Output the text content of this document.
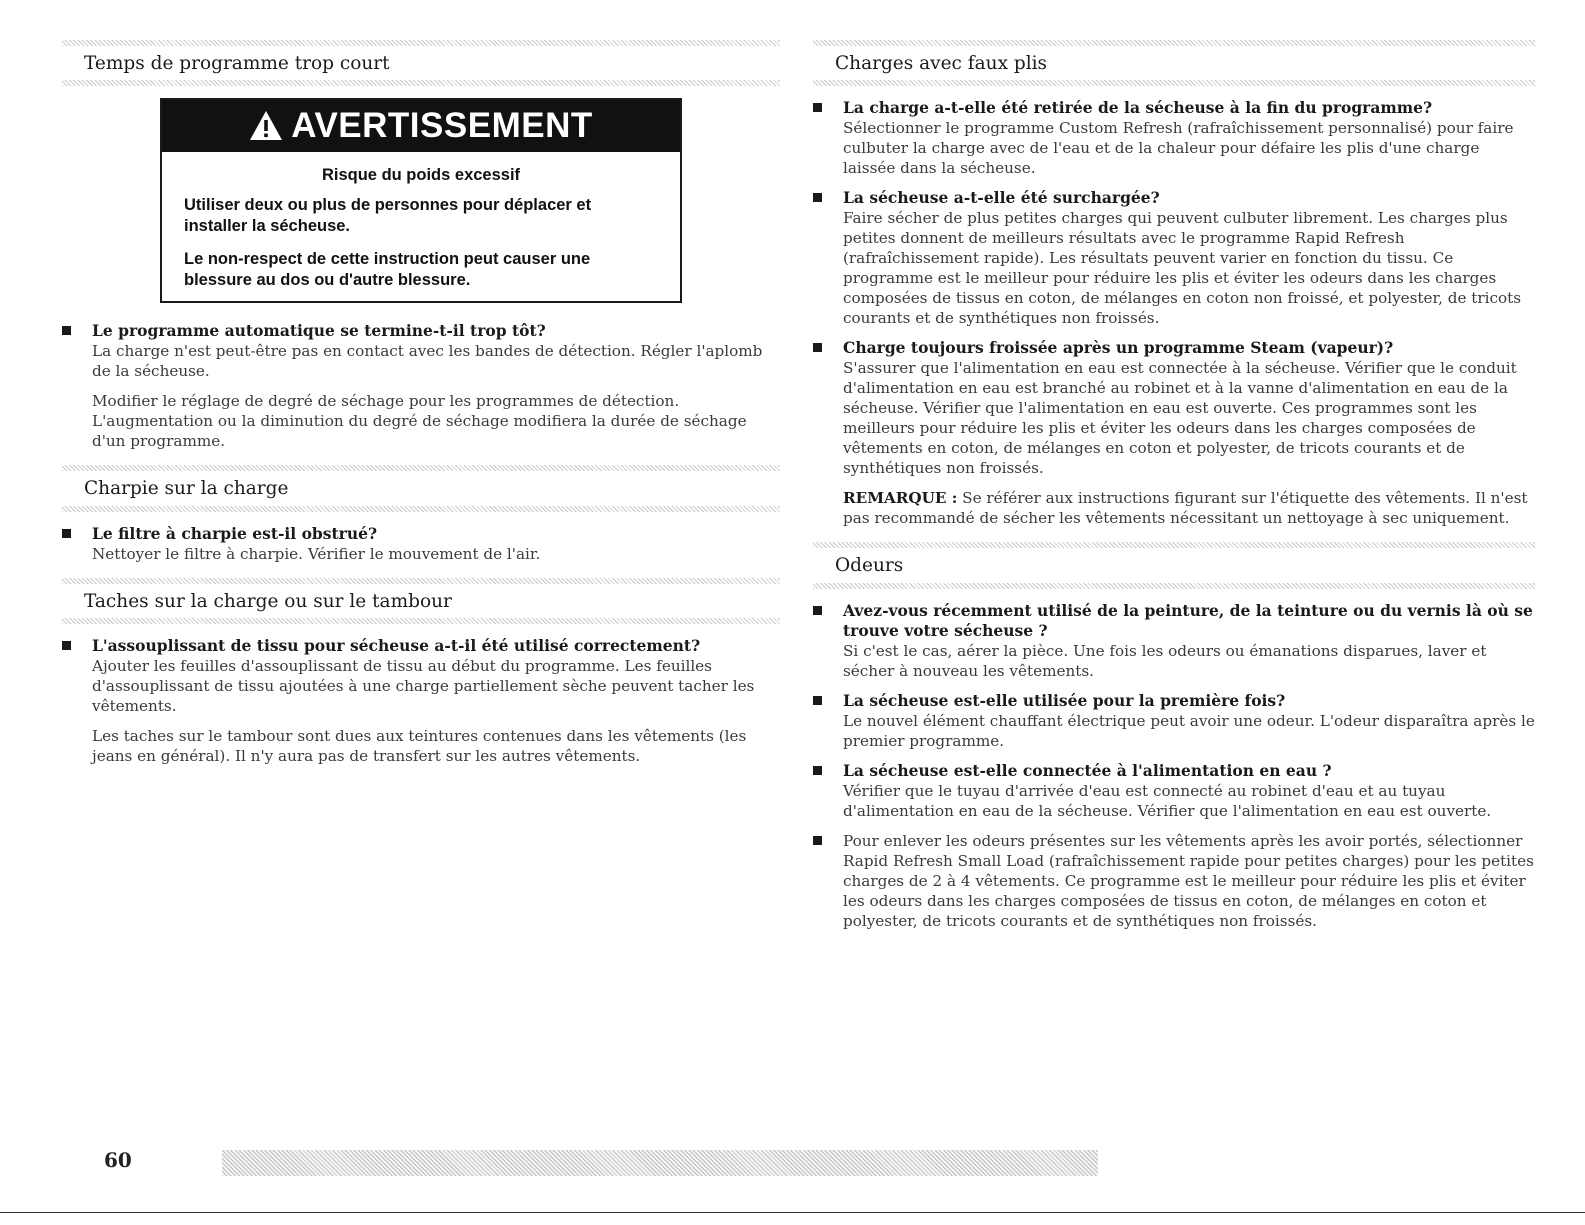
Temps de programme trop court
AVERTISSEMENT
Risque du poids excessif

Utiliser deux ou plus de personnes pour déplacer et installer la sécheuse.

Le non-respect de cette instruction peut causer une blessure au dos ou d'autre blessure.

Le programme automatique se termine-t-il trop tôt?

La charge n'est peut-être pas en contact avec les bandes de détection. Régler l'aplomb de la sécheuse.

Modifier le réglage de degré de séchage pour les programmes de détection.

L'augmentation ou la diminution du degré de séchage modifiera la durée de séchage d'un programme.

Charpie sur la charge
Le filtre à charpie est-il obstrué?

Nettoyer le filtre à charpie. Vérifier le mouvement de l'air.

Taches sur la charge ou sur le tambour
L'assouplissant de tissu pour sécheuse a-t-il été utilisé correctement?

Ajouter les feuilles d'assouplissant de tissu au début du programme. Les feuilles d'assouplissant de tissu ajoutées à une charge partiellement sèche peuvent tacher les vêtements.

Les taches sur le tambour sont dues aux teintures contenues dans les vêtements (les jeans en général). Il n'y aura pas de transfert sur les autres vêtements.

Charges avec faux plis
La charge a-t-elle été retirée de la sécheuse à la fin du programme?

Sélectionner le programme Custom Refresh (rafraîchissement personnalisé) pour faire culbuter la charge avec de l'eau et de la chaleur pour défaire les plis d'une charge laissée dans la sécheuse.

La sécheuse a-t-elle été surchargée?

Faire sécher de plus petites charges qui peuvent culbuter librement. Les charges plus petites donnent de meilleurs résultats avec le programme Rapid Refresh (rafraîchissement rapide). Les résultats peuvent varier en fonction du tissu. Ce programme est le meilleur pour réduire les plis et éviter les odeurs dans les charges composées de tissus en coton, de mélanges en coton non froissé, et polyester, de tricots courants et de synthétiques non froissés.

Charge toujours froissée après un programme Steam (vapeur)?

S'assurer que l'alimentation en eau est connectée à la sécheuse. Vérifier que le conduit d'alimentation en eau est branché au robinet et à la vanne d'alimentation en eau de la sécheuse. Vérifier que l'alimentation en eau est ouverte. Ces programmes sont les meilleurs pour réduire les plis et éviter les odeurs dans les charges composées de vêtements en coton, de mélanges en coton et polyester, de tricots courants et de synthétiques non froissés.

REMARQUE : Se référer aux instructions figurant sur l'étiquette des vêtements. Il n'est pas recommandé de sécher les vêtements nécessitant un nettoyage à sec uniquement.

Odeurs
Avez-vous récemment utilisé de la peinture, de la teinture ou du vernis là où se trouve votre sécheuse ?

Si c'est le cas, aérer la pièce. Une fois les odeurs ou émanations disparues, laver et sécher à nouveau les vêtements.

La sécheuse est-elle utilisée pour la première fois?

Le nouvel élément chauffant électrique peut avoir une odeur. L'odeur disparaîtra après le premier programme.

La sécheuse est-elle connectée à l'alimentation en eau ?

Vérifier que le tuyau d'arrivée d'eau est connecté au robinet d'eau et au tuyau d'alimentation en eau de la sécheuse. Vérifier que l'alimentation en eau est ouverte.

Pour enlever les odeurs présentes sur les vêtements après les avoir portés, sélectionner Rapid Refresh Small Load (rafraîchissement rapide pour petites charges) pour les petites charges de 2 à 4 vêtements. Ce programme est le meilleur pour réduire les plis et éviter les odeurs dans les charges composées de tissus en coton, de mélanges en coton et polyester, de tricots courants et de synthétiques non froissés.

60
